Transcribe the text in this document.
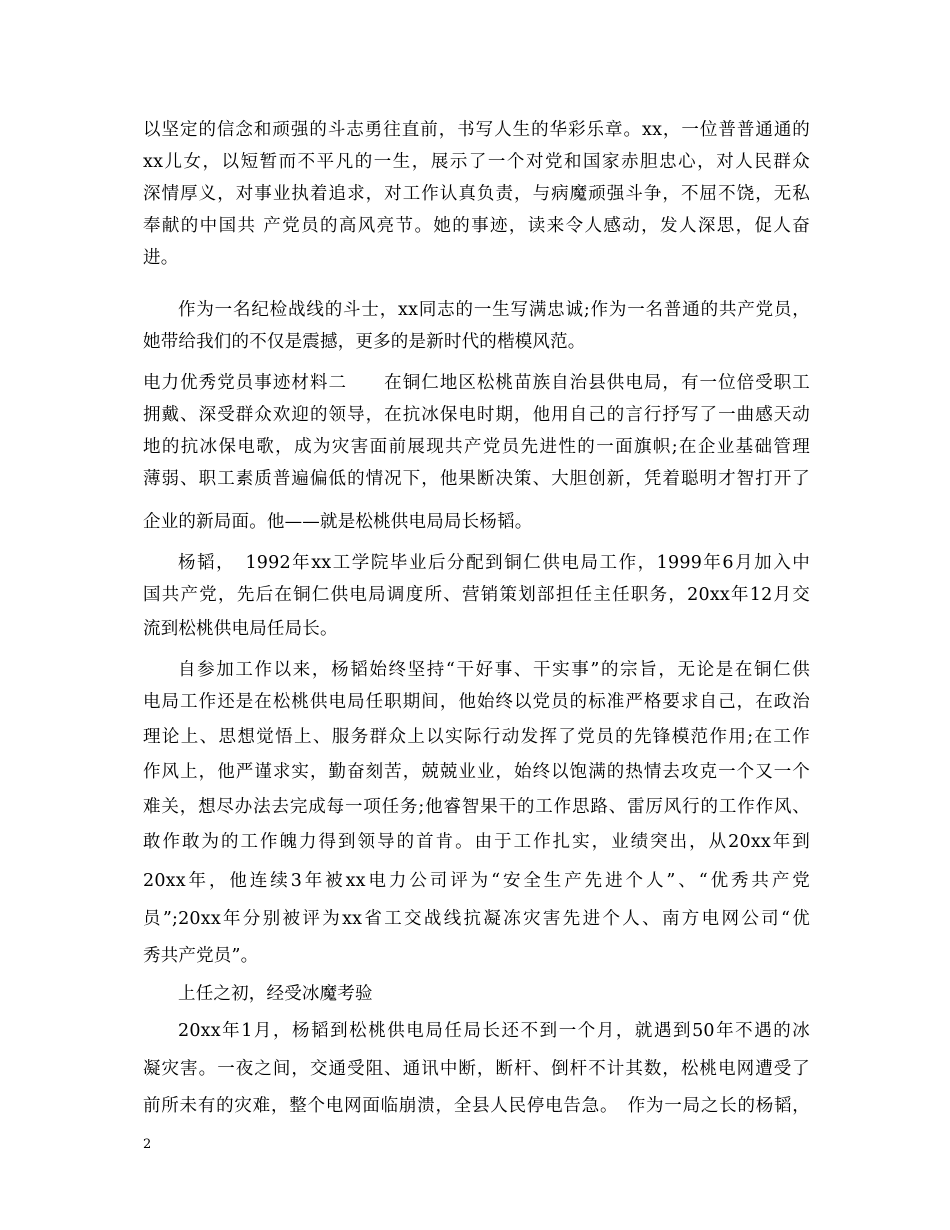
以坚定的信念和顽强的斗志勇往直前，书写人生的华彩乐章。xx，一位普普通通的
xx儿女，以短暂而不平凡的一生，展示了一个对党和国家赤胆忠心，对人民群众
深情厚义，对事业执着追求，对工作认真负责，与病魔顽强斗争，不屈不饶，无私
奉献的中国共 产党员的高风亮节。她的事迹，读来令人感动，发人深思，促人奋
进。
作为一名纪检战线的斗士，xx同志的一生写满忠诚;作为一名普通的共产党员，
她带给我们的不仅是震撼，更多的是新时代的楷模风范。
电力优秀党员事迹材料二　　在铜仁地区松桃苗族自治县供电局，有一位倍受职工
拥戴、深受群众欢迎的领导，在抗冰保电时期，他用自己的言行抒写了一曲感天动
地的抗冰保电歌，成为灾害面前展现共产党员先进性的一面旗帜;在企业基础管理
薄弱、职工素质普遍偏低的情况下，他果断决策、大胆创新，凭着聪明才智打开了
企业的新局面。他——就是松桃供电局局长杨韬。
杨韬，　1992年xx工学院毕业后分配到铜仁供电局工作，1999年6月加入中
国共产党，先后在铜仁供电局调度所、营销策划部担任主任职务，20xx年12月交
流到松桃供电局任局长。
自参加工作以来，杨韬始终坚持“干好事、干实事”的宗旨，无论是在铜仁供
电局工作还是在松桃供电局任职期间，他始终以党员的标准严格要求自己，在政治
理论上、思想觉悟上、服务群众上以实际行动发挥了党员的先锋模范作用;在工作
作风上，他严谨求实，勤奋刻苦，兢兢业业，始终以饱满的热情去攻克一个又一个
难关，想尽办法去完成每一项任务;他睿智果干的工作思路、雷厉风行的工作作风、
敢作敢为的工作魄力得到领导的首肯。由于工作扎实，业绩突出，从20xx年到
20xx年，他连续3年被xx电力公司评为“安全生产先进个人”、“优秀共产党
员”;20xx年分别被评为xx省工交战线抗凝冻灾害先进个人、南方电网公司“优
秀共产党员”。
上任之初，经受冰魔考验
20xx年1月，杨韬到松桃供电局任局长还不到一个月，就遇到50年不遇的冰
凝灾害。一夜之间，交通受阻、通讯中断，断杆、倒杆不计其数，松桃电网遭受了
前所未有的灾难，整个电网面临崩溃，全县人民停电告急。　作为一局之长的杨韬，
2
